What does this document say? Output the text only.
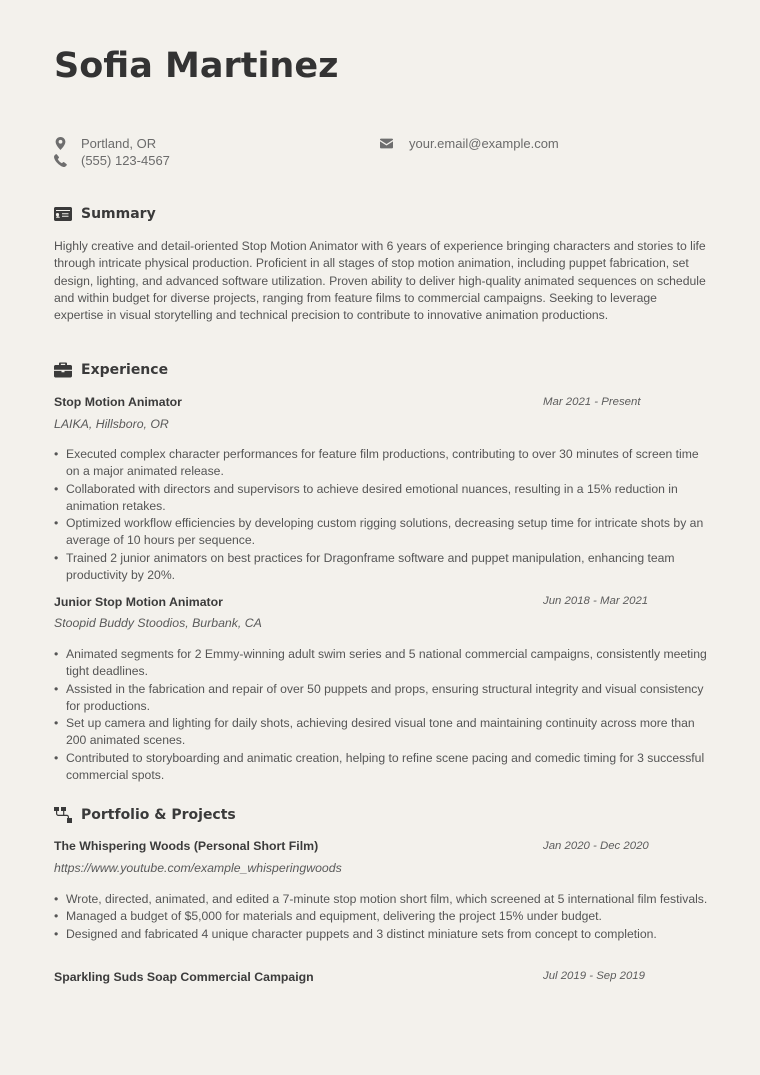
Sofia Martinez
Portland, OR
(555) 123-4567
your.email@example.com
Summary

Highly creative and detail-oriented Stop Motion Animator with 6 years of experience bringing characters and stories to life through intricate physical production. Proficient in all stages of stop motion animation, including puppet fabrication, set design, lighting, and advanced software utilization. Proven ability to deliver high-quality animated sequences on schedule and within budget for diverse projects, ranging from feature films to commercial campaigns. Seeking to leverage expertise in visual storytelling and technical precision to contribute to innovative animation productions.

Experience
Stop Motion Animator	Mar 2021 - Present
LAIKA, Hillsboro, OR
• Executed complex character performances for feature film productions, contributing to over 30 minutes of screen time on a major animated release.
• Collaborated with directors and supervisors to achieve desired emotional nuances, resulting in a 15% reduction in animation retakes.
• Optimized workflow efficiencies by developing custom rigging solutions, decreasing setup time for intricate shots by an average of 10 hours per sequence.
• Trained 2 junior animators on best practices for Dragonframe software and puppet manipulation, enhancing team productivity by 20%.
Junior Stop Motion Animator	Jun 2018 - Mar 2021
Stoopid Buddy Stoodios, Burbank, CA
• Animated segments for 2 Emmy-winning adult swim series and 5 national commercial campaigns, consistently meeting tight deadlines.
• Assisted in the fabrication and repair of over 50 puppets and props, ensuring structural integrity and visual consistency for productions.
• Set up camera and lighting for daily shots, achieving desired visual tone and maintaining continuity across more than 200 animated scenes.
• Contributed to storyboarding and animatic creation, helping to refine scene pacing and comedic timing for 3 successful commercial spots.
Portfolio & Projects
The Whispering Woods (Personal Short Film)	Jan 2020 - Dec 2020
https://www.youtube.com/example_whisperingwoods
• Wrote, directed, animated, and edited a 7-minute stop motion short film, which screened at 5 international film festivals.
• Managed a budget of $5,000 for materials and equipment, delivering the project 15% under budget.
• Designed and fabricated 4 unique character puppets and 3 distinct miniature sets from concept to completion.
Sparkling Suds Soap Commercial Campaign	Jul 2019 - Sep 2019
